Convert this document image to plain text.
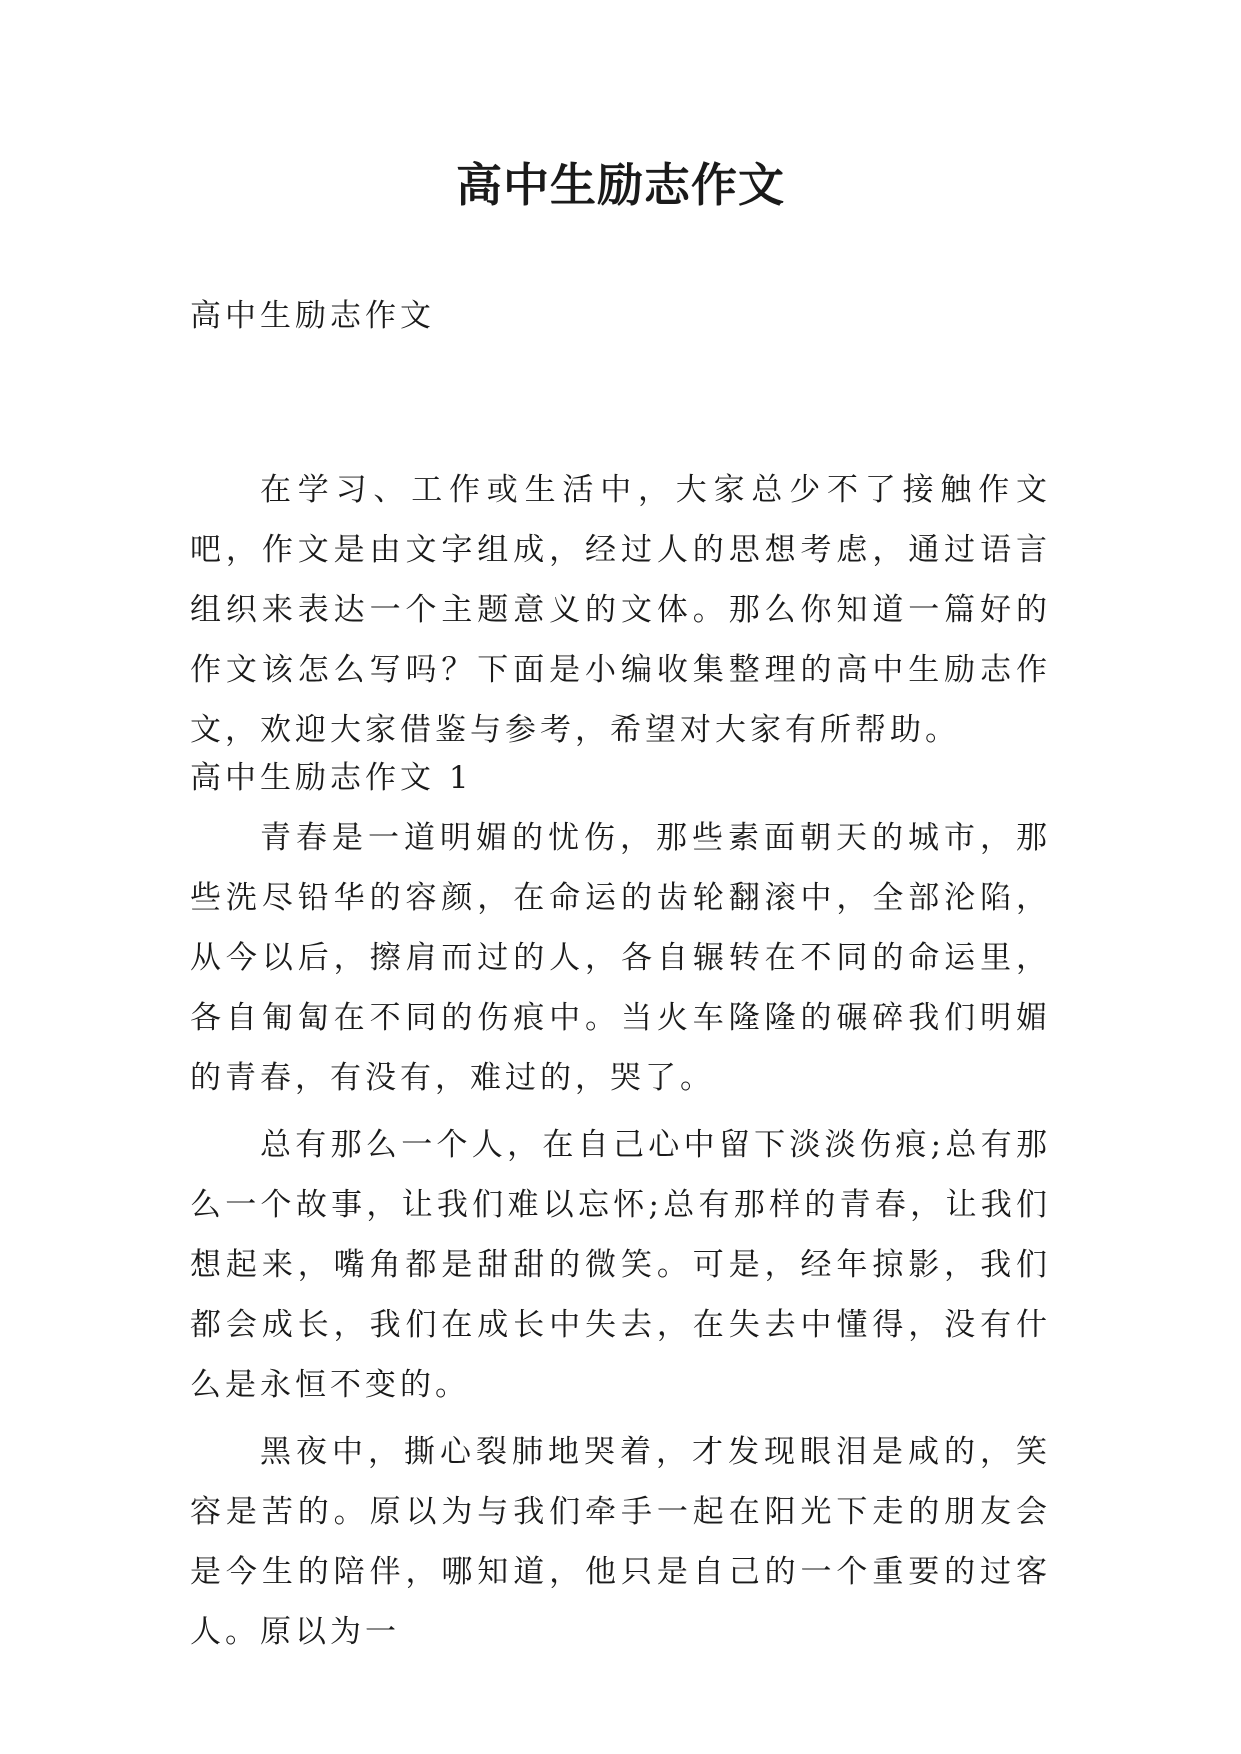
高中生励志作文

高中生励志作文

在学习、工作或生活中，大家总少不了接触作文吧，作文是由文字组成，经过人的思想考虑，通过语言组织来表达一个主题意义的文体。那么你知道一篇好的作文该怎么写吗？下面是小编收集整理的高中生励志作文，欢迎大家借鉴与参考，希望对大家有所帮助。

高中生励志作文 1

青春是一道明媚的忧伤，那些素面朝天的城市，那些洗尽铅华的容颜，在命运的齿轮翻滚中，全部沦陷，从今以后，擦肩而过的人，各自辗转在不同的命运里，各自匍匐在不同的伤痕中。当火车隆隆的碾碎我们明媚的青春，有没有，难过的，哭了。

总有那么一个人，在自己心中留下淡淡伤痕;总有那么一个故事，让我们难以忘怀;总有那样的青春，让我们想起来，嘴角都是甜甜的微笑。可是，经年掠影，我们都会成长，我们在成长中失去，在失去中懂得，没有什么是永恒不变的。

黑夜中，撕心裂肺地哭着，才发现眼泪是咸的，笑容是苦的。原以为与我们牵手一起在阳光下走的朋友会是今生的陪伴，哪知道，他只是自己的一个重要的过客人。原以为一
